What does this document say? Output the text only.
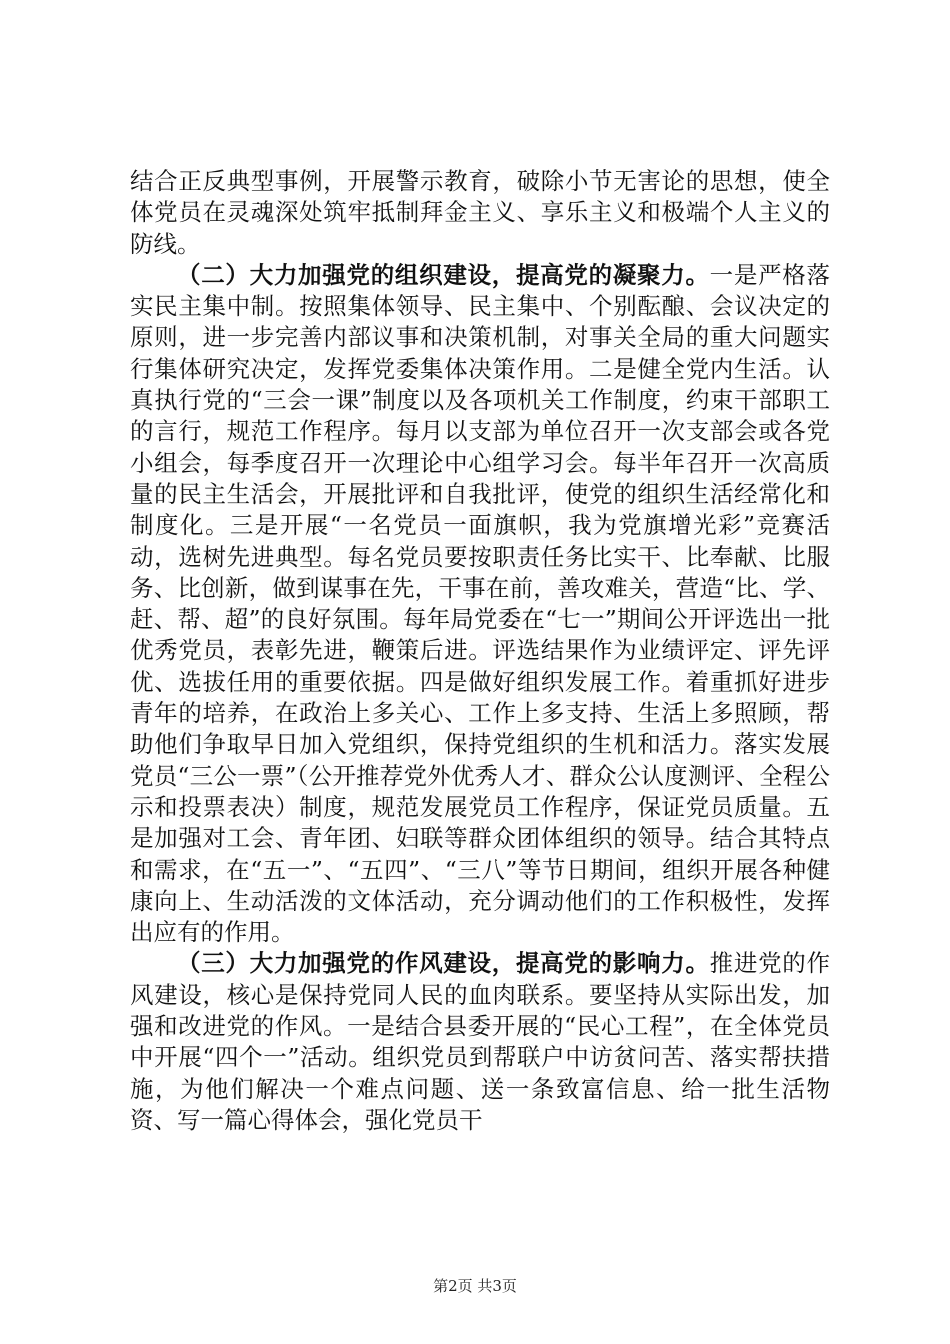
结合正反典型事例，开展警示教育，破除小节无害论的思想，使全体党员在灵魂深处筑牢抵制拜金主义、享乐主义和极端个人主义的防线。

（二）大力加强党的组织建设，提高党的凝聚力。一是严格落实民主集中制。按照集体领导、民主集中、个别酝酿、会议决定的原则，进一步完善内部议事和决策机制，对事关全局的重大问题实行集体研究决定，发挥党委集体决策作用。二是健全党内生活。认真执行党的“三会一课”制度以及各项机关工作制度，约束干部职工的言行，规范工作程序。每月以支部为单位召开一次支部会或各党小组会，每季度召开一次理论中心组学习会。每半年召开一次高质量的民主生活会，开展批评和自我批评，使党的组织生活经常化和制度化。三是开展“一名党员一面旗帜，我为党旗增光彩”竞赛活动，选树先进典型。每名党员要按职责任务比实干、比奉献、比服务、比创新，做到谋事在先，干事在前，善攻难关，营造“比、学、赶、帮、超”的良好氛围。每年局党委在“七一”期间公开评选出一批优秀党员，表彰先进，鞭策后进。评选结果作为业绩评定、评先评优、选拔任用的重要依据。四是做好组织发展工作。着重抓好进步青年的培养，在政治上多关心、工作上多支持、生活上多照顾，帮助他们争取早日加入党组织，保持党组织的生机和活力。落实发展党员“三公一票”（公开推荐党外优秀人才、群众公认度测评、全程公示和投票表决）制度，规范发展党员工作程序，保证党员质量。五是加强对工会、青年团、妇联等群众团体组织的领导。结合其特点和需求，在“五一”、“五四”、“三八”等节日期间，组织开展各种健康向上、生动活泼的文体活动，充分调动他们的工作积极性，发挥出应有的作用。

（三）大力加强党的作风建设，提高党的影响力。推进党的作风建设，核心是保持党同人民的血肉联系。要坚持从实际出发，加强和改进党的作风。一是结合县委开展的“民心工程”，在全体党员中开展“四个一”活动。组织党员到帮联户中访贫问苦、落实帮扶措施，为他们解决一个难点问题、送一条致富信息、给一批生活物资、写一篇心得体会，强化党员干

第2页 共3页
